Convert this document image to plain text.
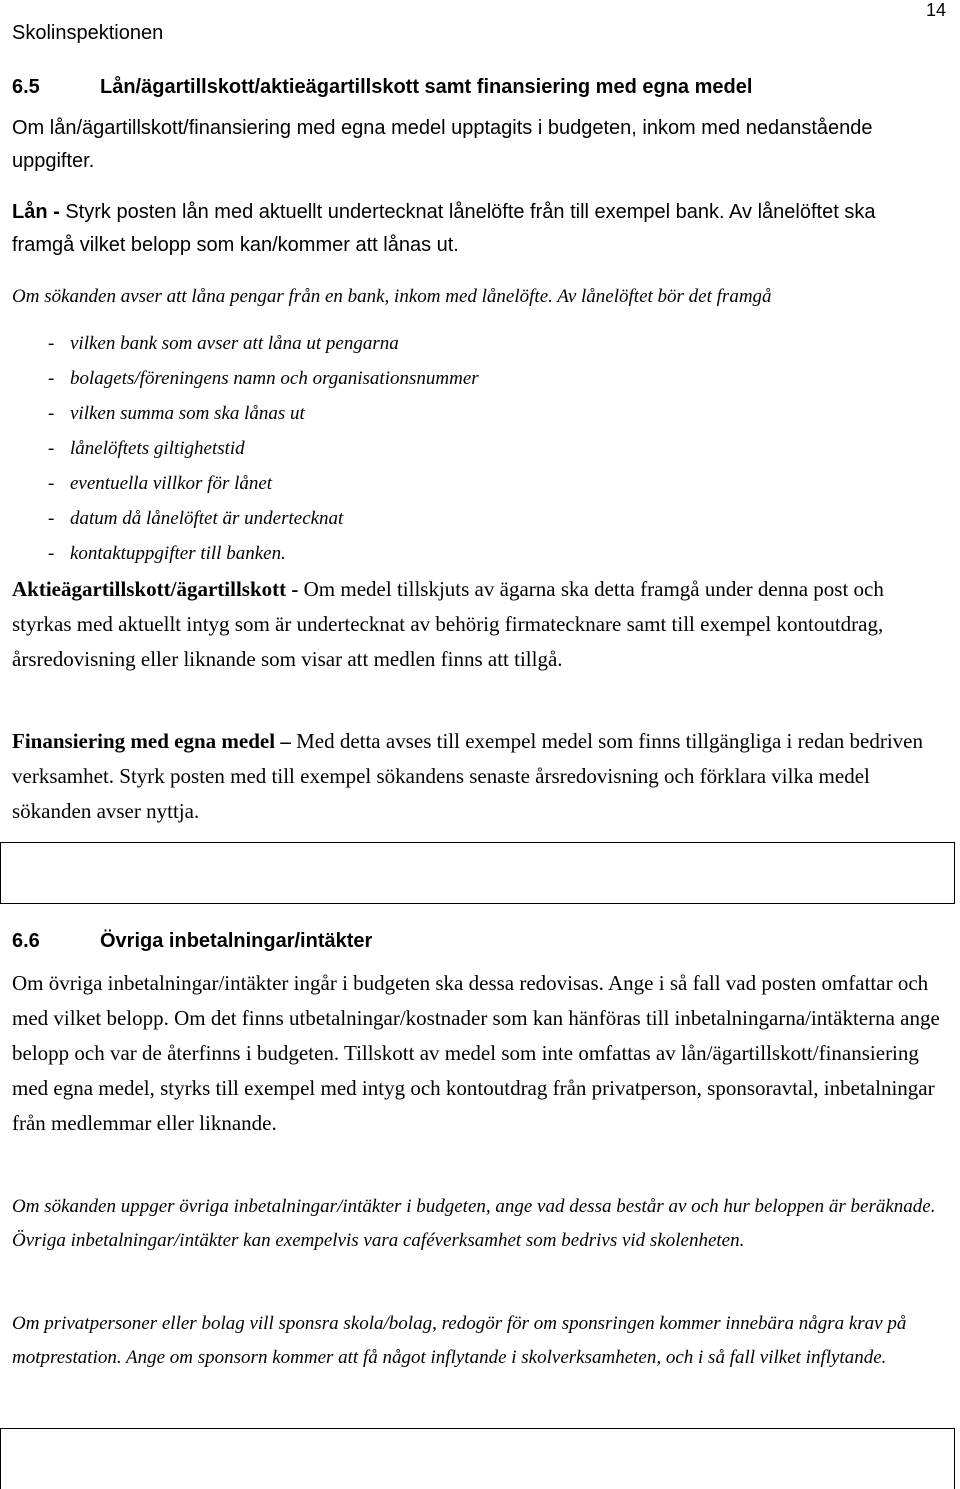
Skolinspektionen
14
6.5	Lån/ägartillskott/aktieägartillskott samt finansiering med egna medel

Om lån/ägartillskott/finansiering med egna medel upptagits i budgeten, inkom med nedanstående uppgifter.

Lån - Styrk posten lån med aktuellt undertecknat lånelöfte från till exempel bank. Av lånelöftet ska framgå vilket belopp som kan/kommer att lånas ut.

Om sökanden avser att låna pengar från en bank, inkom med lånelöfte. Av lånelöftet bör det framgå

- vilken bank som avser att låna ut pengarna
- bolagets/föreningens namn och organisationsnummer
- vilken summa som ska lånas ut
- lånelöftets giltighetstid
- eventuella villkor för lånet
- datum då lånelöftet är undertecknat
- kontaktuppgifter till banken.

Aktieägartillskott/ägartillskott - Om medel tillskjuts av ägarna ska detta framgå under denna post och styrkas med aktuellt intyg som är undertecknat av behörig firmatecknare samt till exempel kontoutdrag, årsredovisning eller liknande som visar att medlen finns att tillgå.

Finansiering med egna medel – Med detta avses till exempel medel som finns tillgängliga i redan bedriven verksamhet. Styrk posten med till exempel sökandens senaste årsredovisning och förklara vilka medel sökanden avser nyttja.

6.6	Övriga inbetalningar/intäkter

Om övriga inbetalningar/intäkter ingår i budgeten ska dessa redovisas. Ange i så fall vad posten omfattar och med vilket belopp. Om det finns utbetalningar/kostnader som kan hänföras till inbetalningarna/intäkterna ange belopp och var de återfinns i budgeten. Tillskott av medel som inte omfattas av lån/ägartillskott/finansiering med egna medel, styrks till exempel med intyg och kontoutdrag från privatperson, sponsoravtal, inbetalningar från medlemmar eller liknande.

Om sökanden uppger övriga inbetalningar/intäkter i budgeten, ange vad dessa består av och hur beloppen är beräknade. Övriga inbetalningar/intäkter kan exempelvis vara caféverksamhet som bedrivs vid skolenheten.

Om privatpersoner eller bolag vill sponsra skola/bolag, redogör för om sponsringen kommer innebära några krav på motprestation. Ange om sponsorn kommer att få något inflytande i skolverksamheten, och i så fall vilket inflytande.
